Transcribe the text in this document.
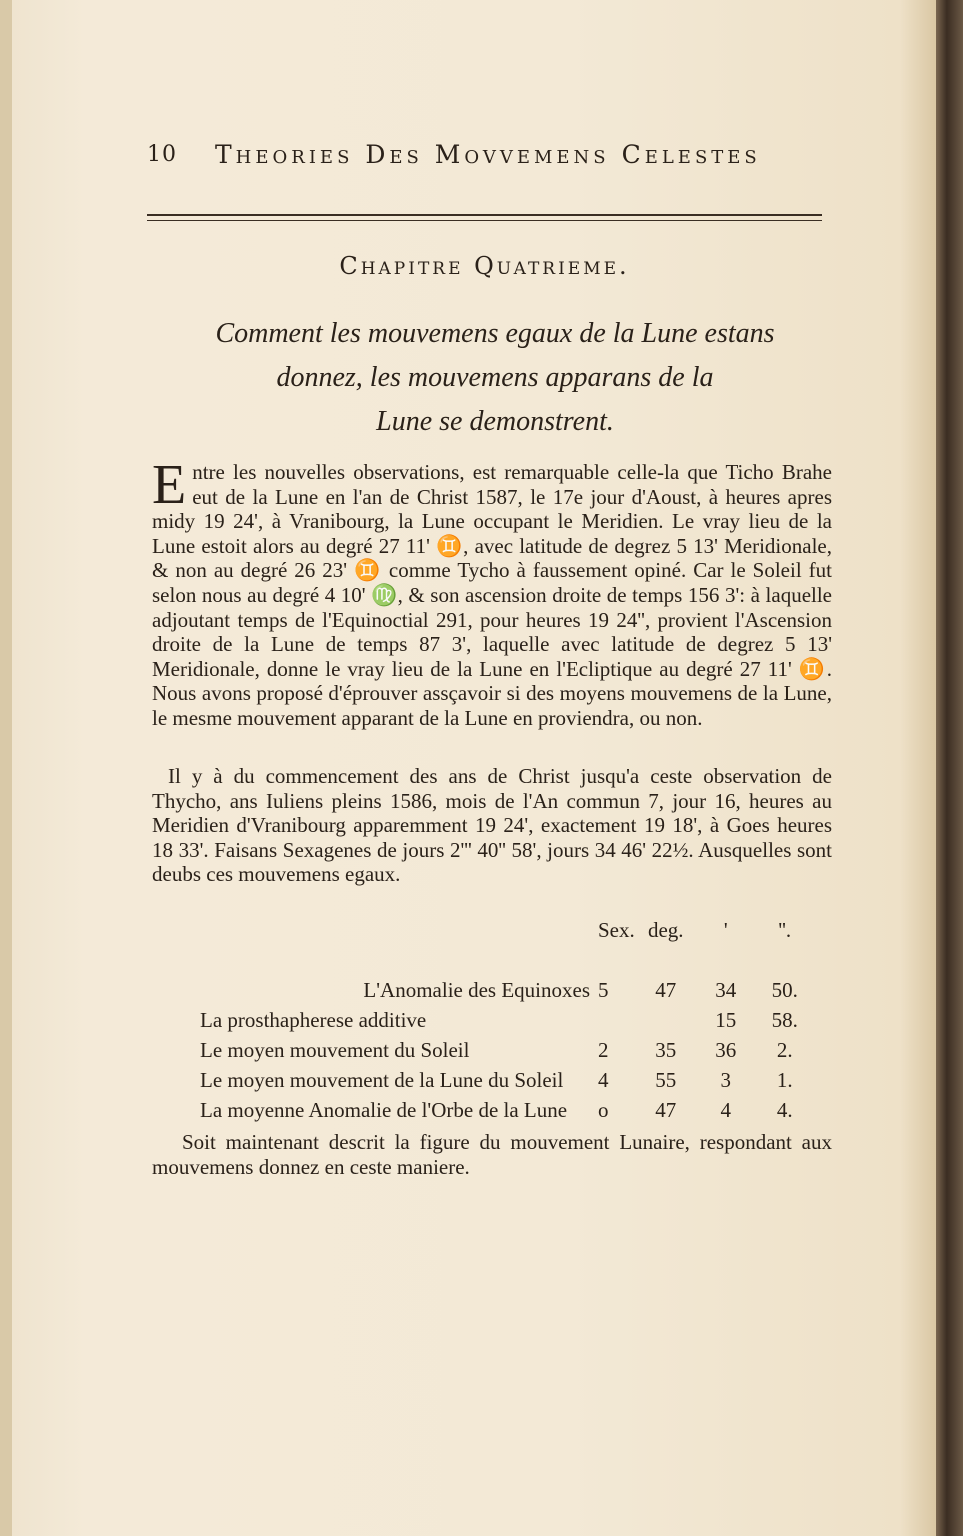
10 Theories Des Movvemens Celestes
Chapitre Quatrieme.
Comment les mouvemens egaux de la Lune estans
donnez, les mouvemens apparans de la
Lune se demonstrent.
Entre les nouvelles observations, est remarquable celle-la que Ticho Brahe eut de la Lune en l'an de Christ 1587, le 17e jour d'Aoust, à heures apres midy 19 24', à Vranibourg, la Lune occupant le Meridien. Le vray lieu de la Lune estoit alors au degré 27 11' ♊, avec latitude de degrez 5 13' Meridionale, & non au degré 26 23' ♊ comme Tycho à faussement opiné. Car le Soleil fut selon nous au degré 4 10' ♍, & son ascension droite de temps 156 3': à laquelle adjoutant temps de l'Equinoctial 291, pour heures 19 24'', provient l'Ascension droite de la Lune de temps 87 3', laquelle avec latitude de degrez 5 13' Meridionale, donne le vray lieu de la Lune en l'Ecliptique au degré 27 11' ♊. Nous avons proposé d'éprouver assçavoir si des moyens mouvemens de la Lune, le mesme mouvement apparant de la Lune en proviendra, ou non.
Il y à du commencement des ans de Christ jusqu'a ceste observation de Thycho, ans Iuliens pleins 1586, mois de l'An commun 7, jour 16, heures au Meridien d'Vranibourg apparemment 19 24', exactement 19 18', à Goes heures 18 33'. Faisans Sexagenes de jours 2''' 40'' 58', jours 34 46' 22½. Ausquelles sont deubs ces mouvemens egaux.
	Sex.	deg.	'	''.

L'Anomalie des Equinoxes	5	47	34	50.
La prosthapherese additive			15	58.
Le moyen mouvement du Soleil	2	35	36	2.
Le moyen mouvement de la Lune du Soleil	4	55	3	1.
La moyenne Anomalie de l'Orbe de la Lune	o	47	4	4.
Soit maintenant descrit la figure du mouvement Lunaire, respondant aux mouvemens donnez en ceste maniere.
